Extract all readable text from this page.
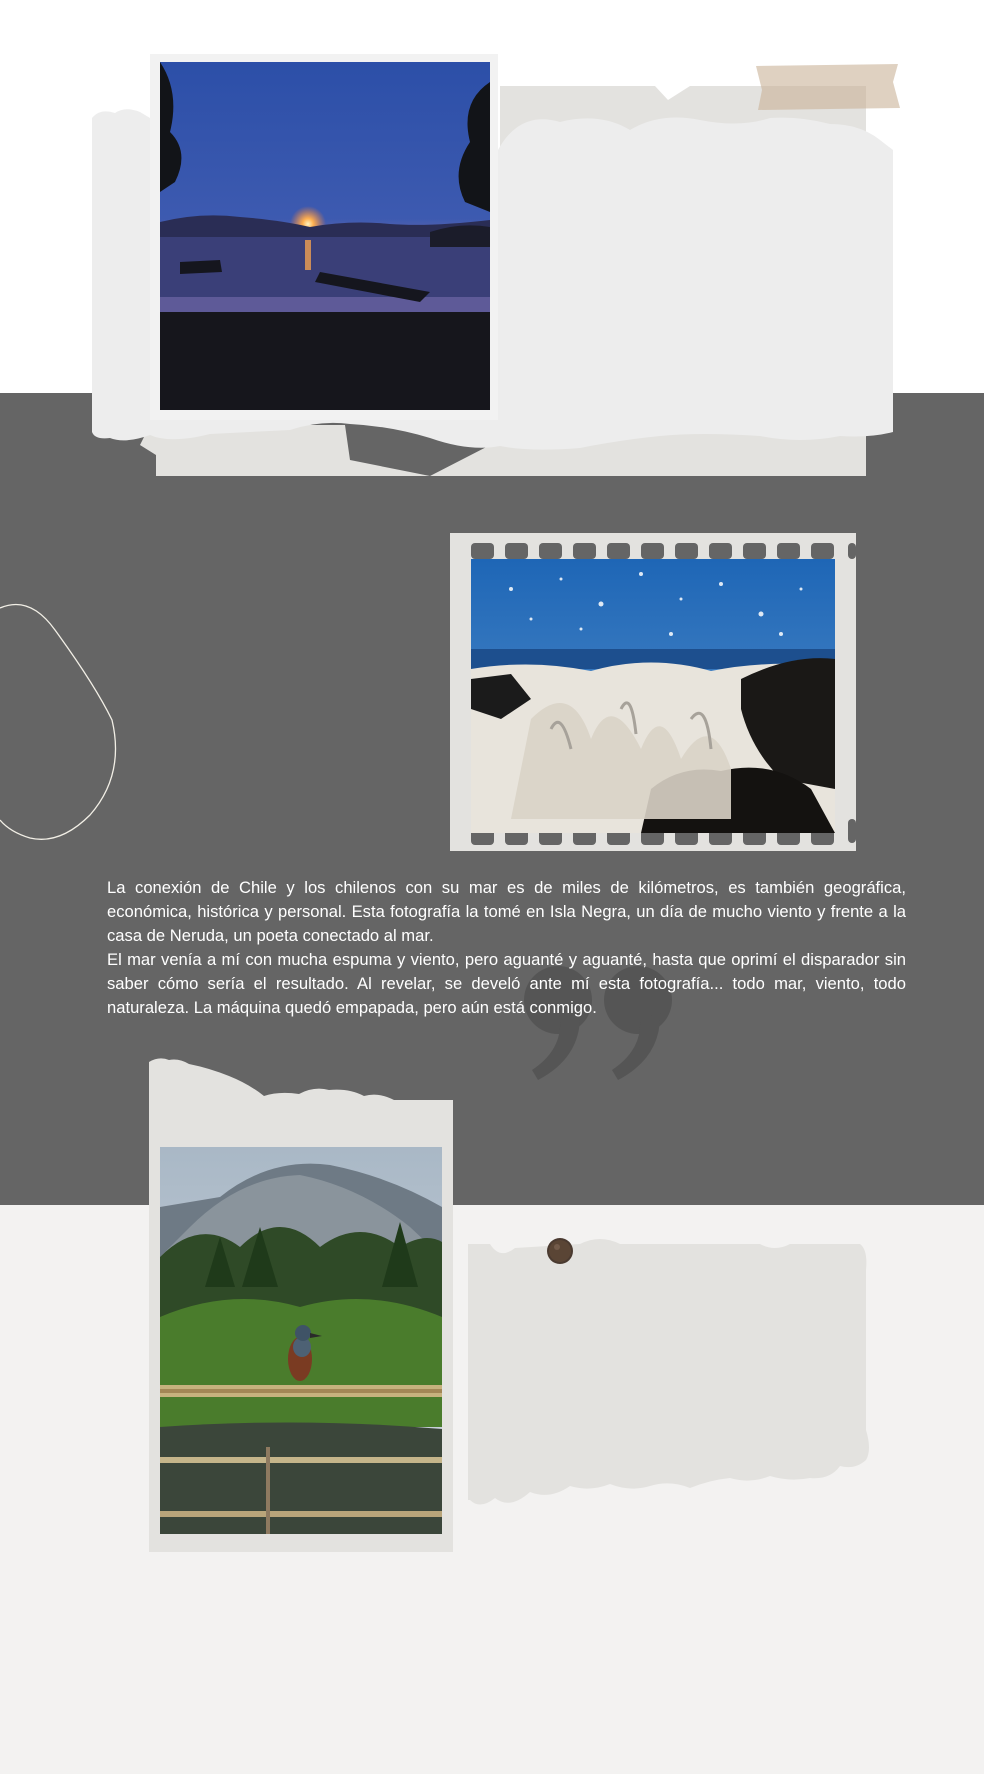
La conexión de Chile y los chilenos con su mar es de miles de kilómetros, es también geográfica, económica, histórica y personal. Esta fotografía la tomé en Isla Negra, un día de mucho viento y frente a la casa de Neruda, un poeta conectado al mar.

El mar venía a mí con mucha espuma y viento, pero aguanté y aguanté, hasta que oprimí el disparador sin saber cómo sería el resultado. Al revelar, se develó ante mí esta fotografía... todo mar, viento, todo naturaleza. La máquina quedó empapada, pero aún está conmigo.
